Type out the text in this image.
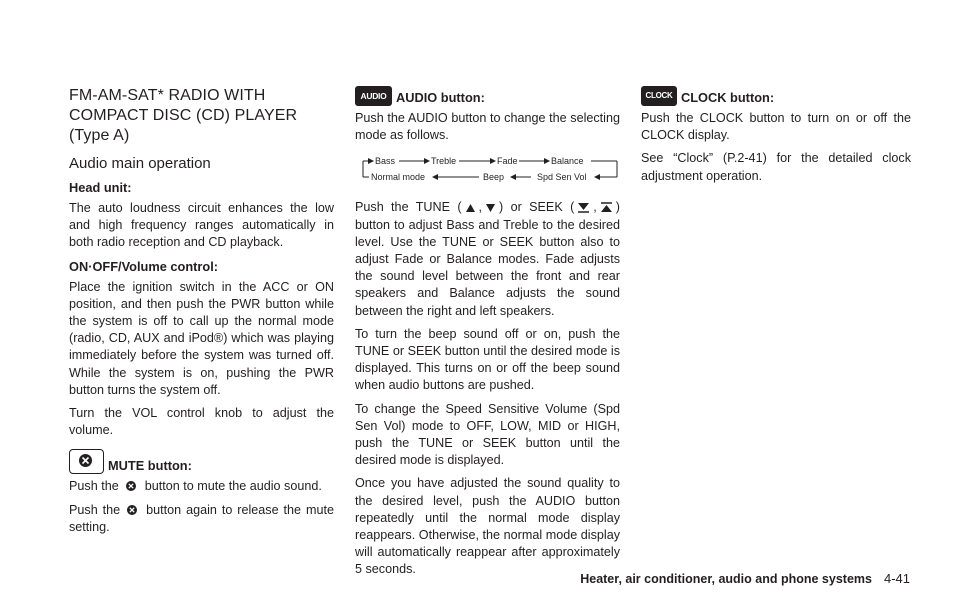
FM-AM-SAT* RADIO WITH COMPACT DISC (CD) PLAYER (Type A)
Audio main operation
Head unit:

The auto loudness circuit enhances the low and high frequency ranges automatically in both radio reception and CD playback.

ON·OFF/Volume control:

Place the ignition switch in the ACC or ON position, and then push the PWR button while the system is off to call up the normal mode (radio, CD, AUX and iPod®) which was playing immediately before the system was turned off. While the system is on, pushing the PWR button turns the system off.

Turn the VOL control knob to adjust the volume.

MUTE button:

Push the button to mute the audio sound.

Push the button again to release the mute setting.

AUDIO AUDIO button:

Push the AUDIO button to change the selecting mode as follows.

Bass	Treble	Fade	Balance
Spd Sen Vol
Beep
Normal mode

Push the TUNE ( , ) or SEEK ( , ) button to adjust Bass and Treble to the desired level. Use the TUNE or SEEK button also to adjust Fade or Balance modes. Fade adjusts the sound level between the front and rear speakers and Balance adjusts the sound between the right and left speakers.

To turn the beep sound off or on, push the TUNE or SEEK button until the desired mode is displayed. This turns on or off the beep sound when audio buttons are pushed.

To change the Speed Sensitive Volume (Spd Sen Vol) mode to OFF, LOW, MID or HIGH, push the TUNE or SEEK button until the desired mode is displayed.

Once you have adjusted the sound quality to the desired level, push the AUDIO button repeatedly until the normal mode display reappears. Otherwise, the normal mode display will automatically reappear after approximately 5 seconds.

CLOCK CLOCK button:

Push the CLOCK button to turn on or off the CLOCK display.

See “Clock” (P.2-41) for the detailed clock adjustment operation.

Heater, air conditioner, audio and phone systems 4-41
